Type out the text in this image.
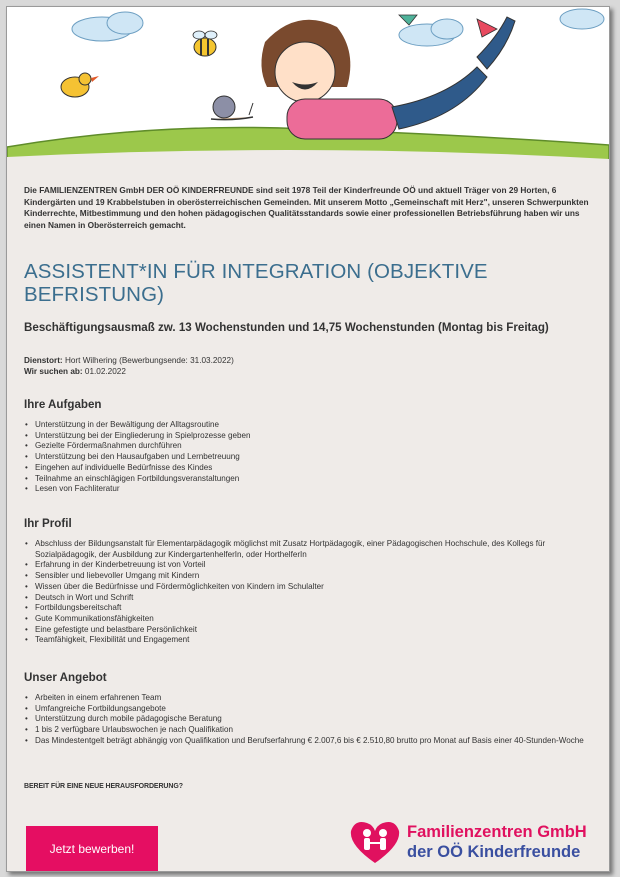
Die FAMILIENZENTREN GmbH DER OÖ KINDERFREUNDE sind seit 1978 Teil der Kinderfreunde OÖ und aktuell Träger von 29 Horten, 6 Kindergärten und 19 Krabbelstuben in oberösterreichischen Gemeinden. Mit unserem Motto „Gemeinschaft mit Herz", unseren Schwerpunkten Kinderrechte, Mitbestimmung und den hohen pädagogischen Qualitätsstandards sowie einer professionellen Betriebsführung haben wir uns einen Namen in Oberösterreich gemacht.
ASSISTENT*IN FÜR INTEGRATION (OBJEKTIVE BEFRISTUNG)
Beschäftigungsausmaß zw. 13 Wochenstunden und 14,75 Wochenstunden (Montag bis Freitag)
Dienstort: Hort Wilhering (Bewerbungsende: 31.03.2022)
Wir suchen ab: 01.02.2022
Ihre Aufgaben
• Unterstützung in der Bewältigung der Alltagsroutine
• Unterstützung bei der Eingliederung in Spielprozesse geben
• Gezielte Fördermaßnahmen durchführen
• Unterstützung bei den Hausaufgaben und Lernbetreuung
• Eingehen auf individuelle Bedürfnisse des Kindes
• Teilnahme an einschlägigen Fortbildungsveranstaltungen
• Lesen von Fachliteratur
Ihr Profil
• Abschluss der Bildungsanstalt für Elementarpädagogik möglichst mit Zusatz Hortpädagogik, einer Pädagogischen Hochschule, des Kollegs für Sozialpädagogik, der Ausbildung zur KindergartenhelferIn, oder HorthelferIn
• Erfahrung in der Kinderbetreuung ist von Vorteil
• Sensibler und liebevoller Umgang mit Kindern
• Wissen über die Bedürfnisse und Fördermöglichkeiten von Kindern im Schulalter
• Deutsch in Wort und Schrift
• Fortbildungsbereitschaft
• Gute Kommunikationsfähigkeiten
• Eine gefestigte und belastbare Persönlichkeit
• Teamfähigkeit, Flexibilität und Engagement
Unser Angebot
• Arbeiten in einem erfahrenen Team
• Umfangreiche Fortbildungsangebote
• Unterstützung durch mobile pädagogische Beratung
• 1 bis 2 verfügbare Urlaubswochen je nach Qualifikation
• Das Mindestentgelt beträgt abhängig von Qualifikation und Berufserfahrung € 2.007,6 bis € 2.510,80 brutto pro Monat auf Basis einer 40-Stunden-Woche
BEREIT FÜR EINE NEUE HERAUSFORDERUNG?
Jetzt bewerben!
Familienzentren GmbH
der OÖ Kinderfreunde
